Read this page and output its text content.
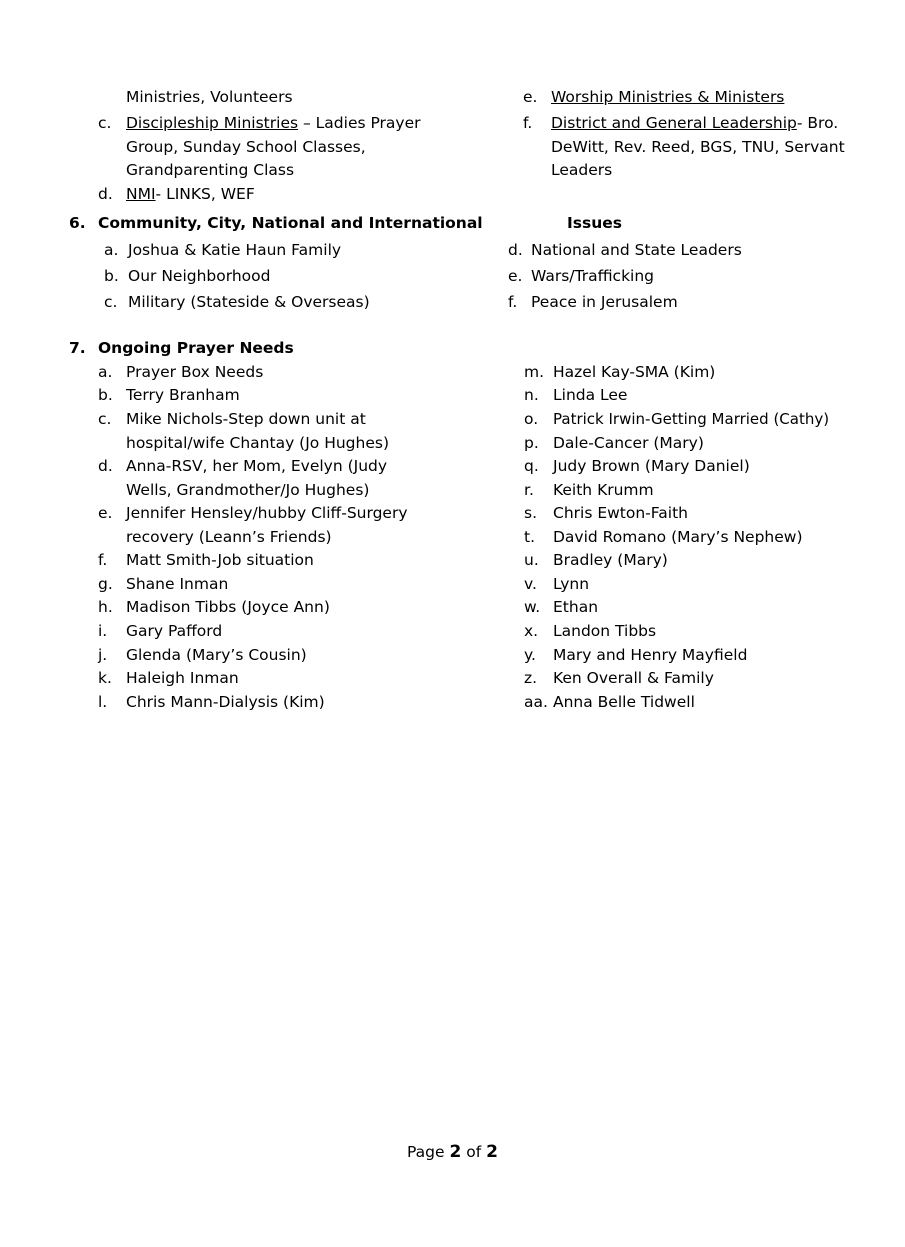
Ministries, Volunteers
c. Discipleship Ministries – Ladies Prayer
Group, Sunday School Classes,
Grandparenting Class
d. NMI- LINKS, WEF
e. Worship Ministries & Ministers
f. District and General Leadership- Bro.
DeWitt, Rev. Reed, BGS, TNU, Servant
Leaders
6. Community, City, National and International	Issues
a. Joshua & Katie Haun Family
b. Our Neighborhood
c. Military (Stateside & Overseas)
d. National and State Leaders
e. Wars/Trafficking
f. Peace in Jerusalem
7. Ongoing Prayer Needs
a. Prayer Box Needs
b. Terry Branham
c. Mike Nichols-Step down unit at
hospital/wife Chantay (Jo Hughes)
d. Anna-RSV, her Mom, Evelyn (Judy
Wells, Grandmother/Jo Hughes)
e. Jennifer Hensley/hubby Cliff-Surgery
recovery (Leann’s Friends)
f. Matt Smith-Job situation
g. Shane Inman
h. Madison Tibbs (Joyce Ann)
i. Gary Pafford
j. Glenda (Mary’s Cousin)
k. Haleigh Inman
l. Chris Mann-Dialysis (Kim)
m. Hazel Kay-SMA (Kim)
n. Linda Lee
o. Patrick Irwin-Getting Married (Cathy)
p. Dale-Cancer (Mary)
q. Judy Brown (Mary Daniel)
r. Keith Krumm
s. Chris Ewton-Faith
t. David Romano (Mary’s Nephew)
u. Bradley (Mary)
v. Lynn
w. Ethan
x. Landon Tibbs
y. Mary and Henry Mayfield
z. Ken Overall & Family
aa. Anna Belle Tidwell
Page 2 of 2
